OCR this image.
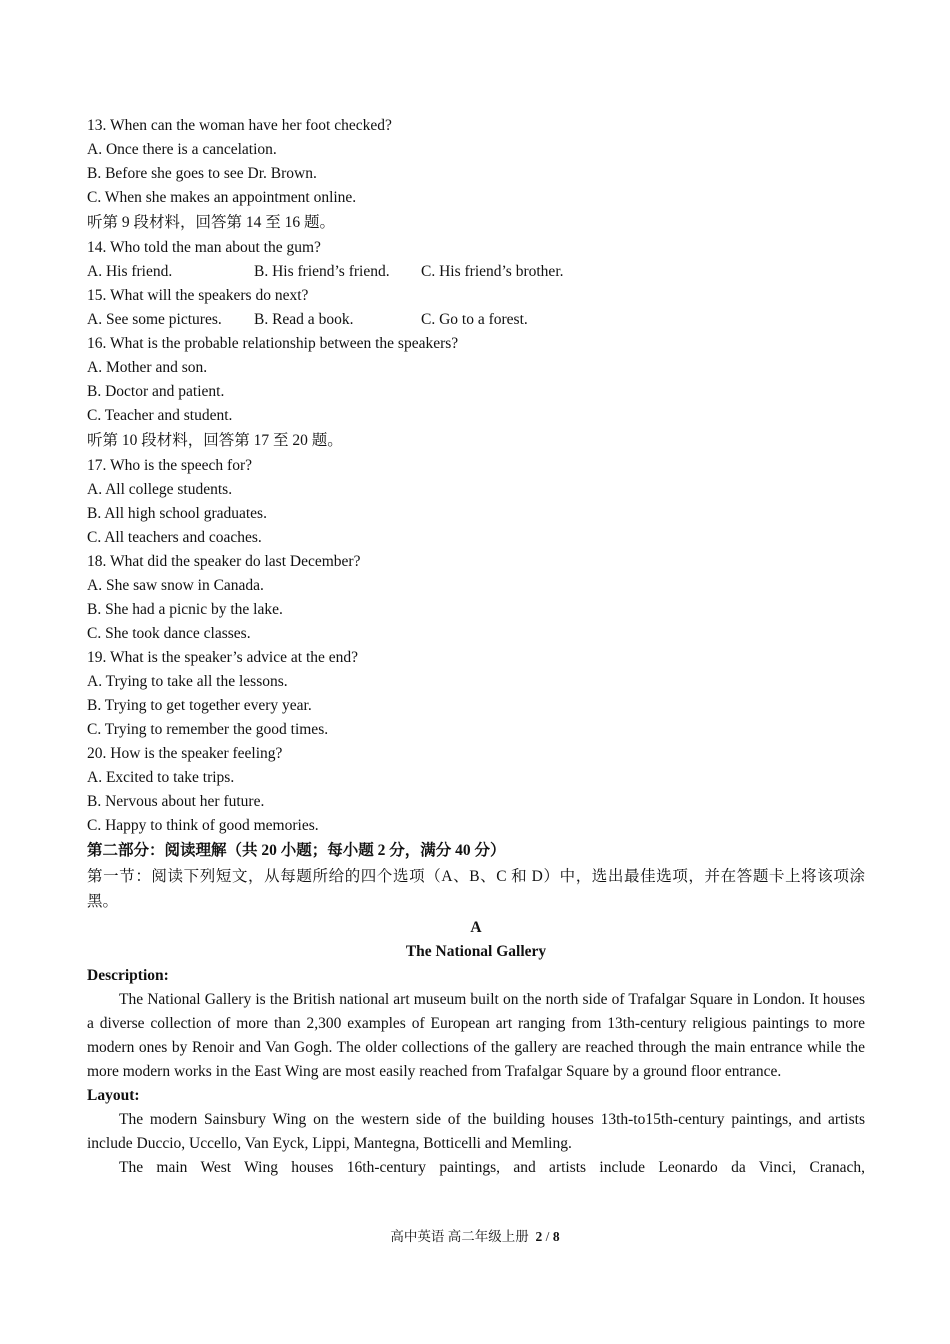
13. When can the woman have her foot checked?
A. Once there is a cancelation.
B. Before she goes to see Dr. Brown.
C. When she makes an appointment online.
听第 9 段材料，回答第 14 至 16 题。
14. Who told the man about the gum?
A. His friend.	B. His friend’s friend. C. His friend’s brother.
15. What will the speakers do next?
A. See some pictures. B. Read a book.	C. Go to a forest.
16. What is the probable relationship between the speakers?
A. Mother and son.
B. Doctor and patient.
C. Teacher and student.
听第 10 段材料，回答第 17 至 20 题。
17. Who is the speech for?
A. All college students.
B. All high school graduates.
C. All teachers and coaches.
18. What did the speaker do last December?
A. She saw snow in Canada.
B. She had a picnic by the lake.
C. She took dance classes.
19. What is the speaker’s advice at the end?
A. Trying to take all the lessons.
B. Trying to get together every year.
C. Trying to remember the good times.
20. How is the speaker feeling?
A. Excited to take trips.
B. Nervous about her future.
C. Happy to think of good memories.
第二部分：阅读理解（共 20 小题；每小题 2 分，满分 40 分）

第一节：阅读下列短文，从每题所给的四个选项（A、B、C 和 D）中，选出最佳选项，并在答题卡上将该项涂黑。

A
The National Gallery
Description:

The National Gallery is the British national art museum built on the north side of Trafalgar Square in London. It houses a diverse collection of more than 2,300 examples of European art ranging from 13th-century religious paintings to more modern ones by Renoir and Van Gogh. The older collections of the gallery are reached through the main entrance while the more modern works in the East Wing are most easily reached from Trafalgar Square by a ground floor entrance.

Layout:

The modern Sainsbury Wing on the western side of the building houses 13th-to15th-century paintings, and artists include Duccio, Uccello, Van Eyck, Lippi, Mantegna, Botticelli and Memling.

The main West Wing houses 16th-century paintings, and artists include Leonardo da Vinci, Cranach,

高中英语 高二年级上册 2 / 8
